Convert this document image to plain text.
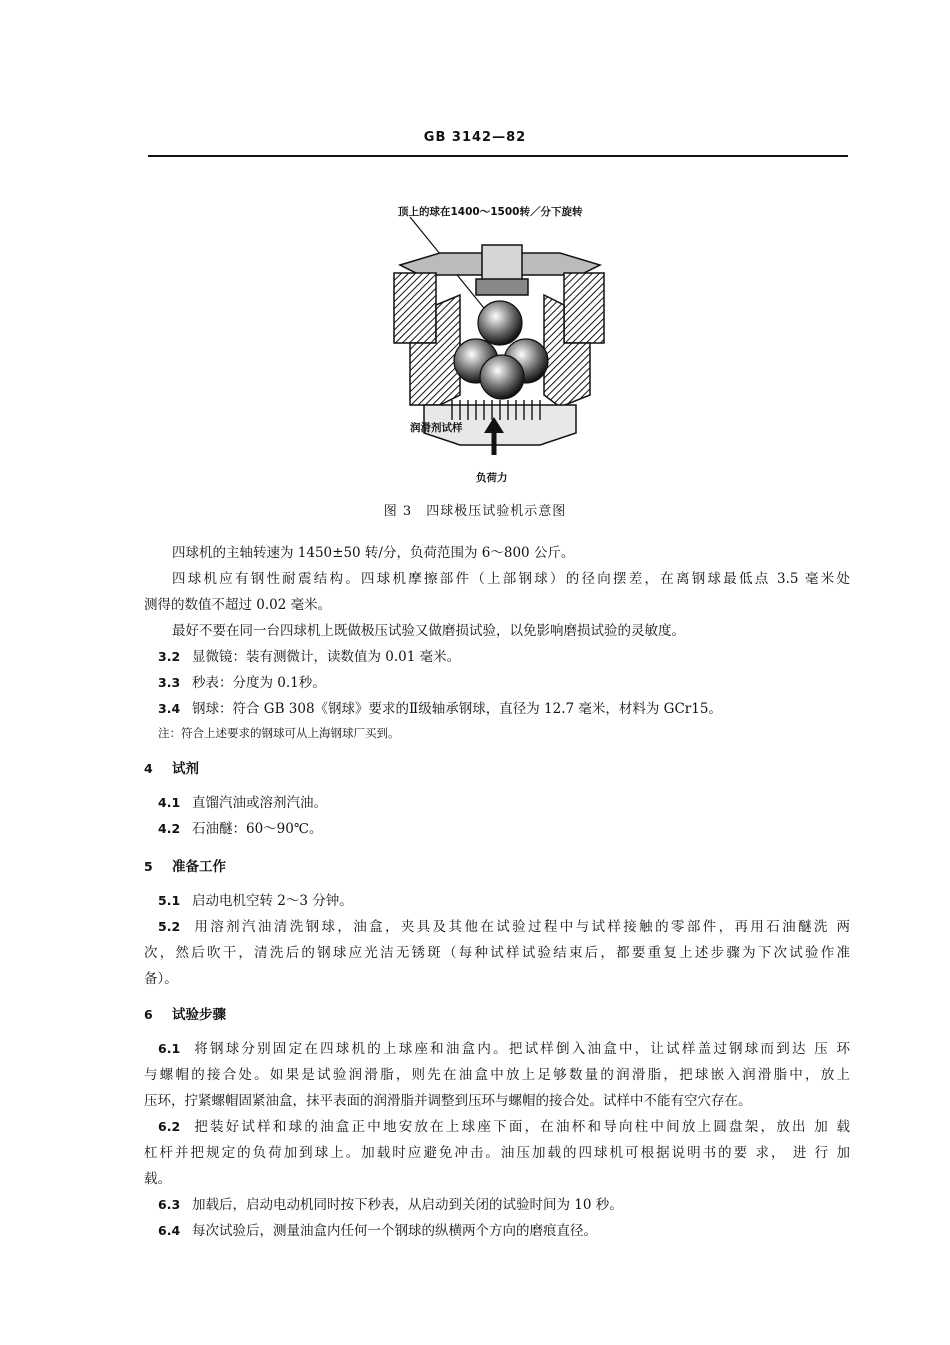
GB 3142—82
顶上的球在1400～1500转／分下旋转
润滑剂试样
负荷力
图 3　四球极压试验机示意图
四球机的主轴转速为 1450±50 转/分，负荷范围为 6～800 公斤。
四球机应有钢性耐震结构。四球机摩擦部件（上部钢球）的径向摆差，在离钢球最低点 3.5 毫米处
测得的数值不超过 0.02 毫米。
最好不要在同一台四球机上既做极压试验又做磨损试验，以免影响磨损试验的灵敏度。
3.2 显微镜：装有测微计，读数值为 0.01 毫米。
3.3 秒表：分度为 0.1秒。
3.4 钢球：符合 GB 308《钢球》要求的Ⅱ级轴承钢球，直径为 12.7 毫米，材料为 GCr15。
注：符合上述要求的钢球可从上海钢球厂买到。
4 试剂
4.1 直馏汽油或溶剂汽油。
4.2 石油醚：60～90℃。
5 准备工作
5.1 启动电机空转 2～3 分钟。
5.2 用溶剂汽油清洗钢球，油盒，夹具及其他在试验过程中与试样接触的零部件，再用石油醚洗 两
次，然后吹干，清洗后的钢球应光洁无锈斑（每种试样试验结束后，都要重复上述步骤为下次试验作准
备）。
6 试验步骤
6.1 将钢球分别固定在四球机的上球座和油盒内。把试样倒入油盒中，让试样盖过钢球而到达 压 环
与螺帽的接合处。如果是试验润滑脂，则先在油盒中放上足够数量的润滑脂，把球嵌入润滑脂中，放上
压环，拧紧螺帽固紧油盒，抹平表面的润滑脂并调整到压环与螺帽的接合处。试样中不能有空穴存在。
6.2 把装好试样和球的油盒正中地安放在上球座下面，在油杯和导向柱中间放上圆盘架，放出 加 载
杠杆并把规定的负荷加到球上。加载时应避免冲击。油压加载的四球机可根据说明书的要 求， 进 行 加
载。
6.3 加载后，启动电动机同时按下秒表，从启动到关闭的试验时间为 10 秒。
6.4 每次试验后，测量油盒内任何一个钢球的纵横两个方向的磨痕直径。
